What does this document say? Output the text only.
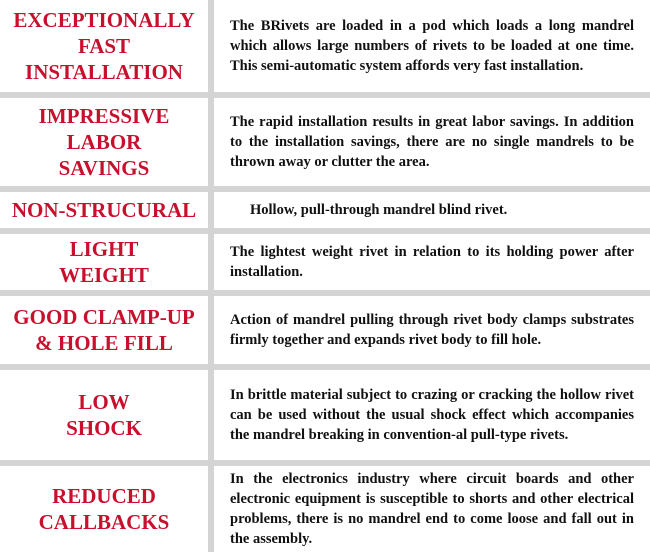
EXCEPTIONALLY
FAST
INSTALLATION
The BRivets are loaded in a pod which loads a long mandrel which allows large numbers of rivets to be loaded at one time. This semi-automatic system affords very fast installation.
IMPRESSIVE
LABOR
SAVINGS
The rapid installation results in great labor savings. In addition to the installation savings, there are no single mandrels to be thrown away or clutter the area.
NON-STRUCURAL	Hollow, pull-through mandrel blind rivet.
LIGHT
WEIGHT
The lightest weight rivet in relation to its holding power after installation.
GOOD CLAMP-UP
& HOLE FILL
Action of mandrel pulling through rivet body clamps substrates firmly together and expands rivet body to fill hole.
LOW
SHOCK
In brittle material subject to crazing or cracking the hollow rivet can be used without the usual shock effect which accompanies the mandrel breaking in convention-al pull-type rivets.
REDUCED
CALLBACKS
In the electronics industry where circuit boards and other electronic equipment is susceptible to shorts and other electrical problems, there is no mandrel end to come loose and fall out in the assembly.
